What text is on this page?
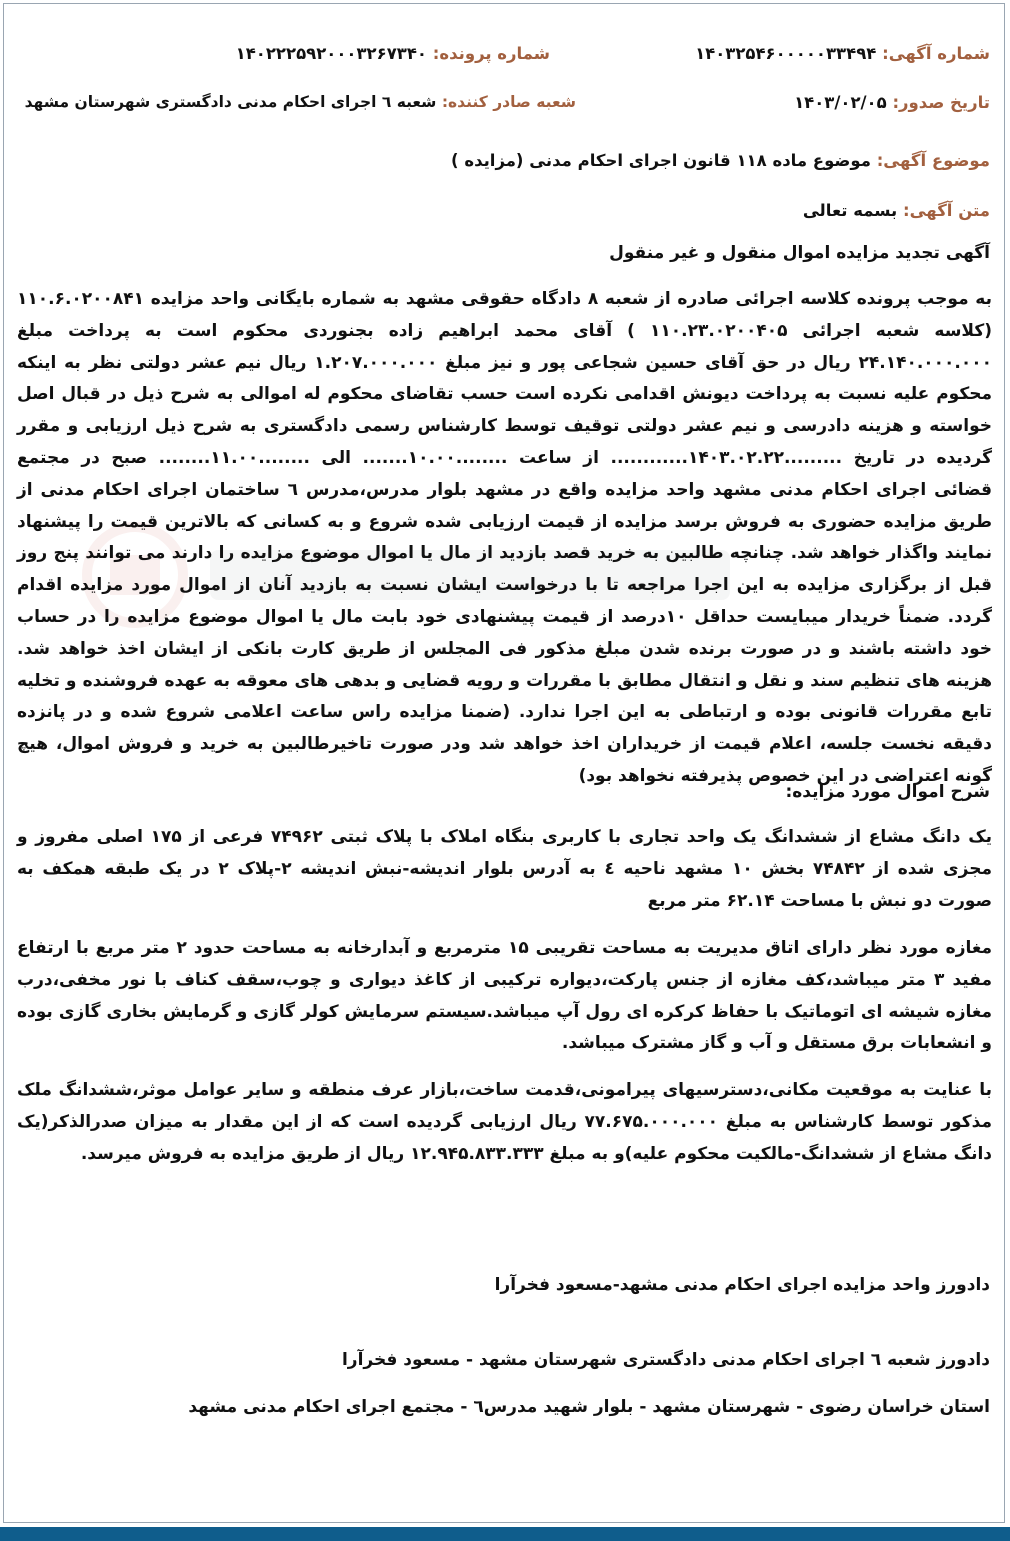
شماره آگهی: ۱۴۰۳۲۵۴۶۰۰۰۰۰۳۳۴۹۴
شماره پرونده: ۱۴۰۲۲۲۵۹۲۰۰۰۳۲۶۷۳۴۰
تاریخ صدور: ۱۴۰۳/۰۲/۰۵
شعبه صادر کننده: شعبه ٦ اجرای احکام مدنی دادگستری شهرستان مشهد
موضوع آگهی: موضوع ماده ۱۱۸ قانون اجرای احکام مدنی (مزایده )
متن آگهی: بسمه تعالی
آگهی تجدید مزایده اموال منقول و غیر منقول
به موجب پرونده کلاسه اجرائی صادره از شعبه ۸ دادگاه حقوقی مشهد به شماره بایگانی واحد مزایده ۱۱۰.۶.۰۲۰۰۸۴۱ (کلاسه شعبه اجرائی ۱۱۰.۲۳.۰۲۰۰۴۰۵ ) آقای محمد ابراهیم زاده بجنوردی محکوم است به پرداخت مبلغ ۲۴.۱۴۰.۰۰۰.۰۰۰ ریال در حق آقای حسین شجاعی پور و نیز مبلغ ۱.۲۰۷.۰۰۰.۰۰۰ ریال نیم عشر دولتی نظر به اینکه محکوم علیه نسبت به پرداخت دیونش اقدامی نکرده است حسب تقاضای محکوم له اموالی به شرح ذیل در قبال اصل خواسته و هزینه دادرسی و نیم عشر دولتی توقیف توسط کارشناس رسمی دادگستری به شرح ذیل ارزیابی و مقرر گردیده در تاریخ .........۱۴۰۳.۰۲.۲۲............ از ساعت ........۱۰.۰۰....... الی ........۱۱.۰۰........ صبح در مجتمع قضائی اجرای احکام مدنی مشهد واحد مزایده واقع در مشهد بلوار مدرس،مدرس ٦ ساختمان اجرای احکام مدنی از طریق مزایده حضوری به فروش برسد مزایده از قیمت ارزیابی شده شروع و به کسانی که بالاترین قیمت را پیشنهاد نمایند واگذار خواهد شد. چنانچه طالبین به خرید قصد بازدید از مال یا اموال موضوع مزایده را دارند می توانند پنج روز قبل از برگزاری مزایده به این اجرا مراجعه تا با درخواست ایشان نسبت به بازدید آنان از اموال مورد مزایده اقدام گردد. ضمناً خریدار میبایست حداقل ۱۰درصد از قیمت پیشنهادی خود بابت مال یا اموال موضوع مزایده را در حساب خود داشته باشند و در صورت برنده شدن مبلغ مذکور فی المجلس از طریق کارت بانکی از ایشان اخذ خواهد شد. هزینه های تنظیم سند و نقل و انتقال مطابق با مقررات و رویه قضایی و بدهی های معوقه به عهده فروشنده و تخلیه تابع مقررات قانونی بوده و ارتباطی به این اجرا ندارد. (ضمنا مزایده راس ساعت اعلامی شروع شده و در پانزده دقیقه نخست جلسه، اعلام قیمت از خریداران اخذ خواهد شد ودر صورت تاخیرطالبین به خرید و فروش اموال، هیچ گونه اعتراضی در این خصوص پذیرفته نخواهد بود)
شرح اموال مورد مزایده:
یک دانگ مشاع از ششدانگ یک واحد تجاری با کاربری بنگاه املاک با پلاک ثبتی ۷۴۹۶۲ فرعی از ۱۷۵ اصلی مفروز و مجزی شده از ۷۴۸۴۲ بخش ۱۰ مشهد ناحیه ٤ به آدرس بلوار اندیشه-نبش اندیشه ۲-پلاک ۲ در یک طبقه همکف به صورت دو نبش با مساحت ۶۲.۱۴ متر مربع
مغازه مورد نظر دارای اتاق مدیریت به مساحت تقریبی ۱۵ مترمربع و آبدارخانه به مساحت حدود ۲ متر مربع با ارتفاع مفید ۳ متر میباشد،کف مغازه از جنس پارکت،دیواره ترکیبی از کاغذ دیواری و چوب،سقف کناف با نور مخفی،درب مغازه شیشه ای اتوماتیک با حفاظ کرکره ای رول آپ میباشد.سیستم سرمایش کولر گازی و گرمایش بخاری گازی بوده و انشعابات برق مستقل و آب و گاز مشترک میباشد.
با عنایت به موقعیت مکانی،دسترسیهای پیرامونی،قدمت ساخت،بازار عرف منطقه و سایر عوامل موثر،ششدانگ ملک مذکور توسط کارشناس به مبلغ ۷۷.۶۷۵.۰۰۰.۰۰۰ ریال ارزیابی گردیده است که از این مقدار به میزان صدرالذکر(یک دانگ مشاع از ششدانگ-مالکیت محکوم علیه)و به مبلغ ۱۲.۹۴۵.۸۳۳.۳۳۳ ریال از طریق مزایده به فروش میرسد.
دادورز واحد مزایده اجرای احکام مدنی مشهد-مسعود فخرآرا
دادورز شعبه ٦ اجرای احکام مدنی دادگستری شهرستان مشهد - مسعود فخرآرا
استان خراسان رضوی - شهرستان مشهد - بلوار شهید مدرس٦ - مجتمع اجرای احکام مدنی مشهد
